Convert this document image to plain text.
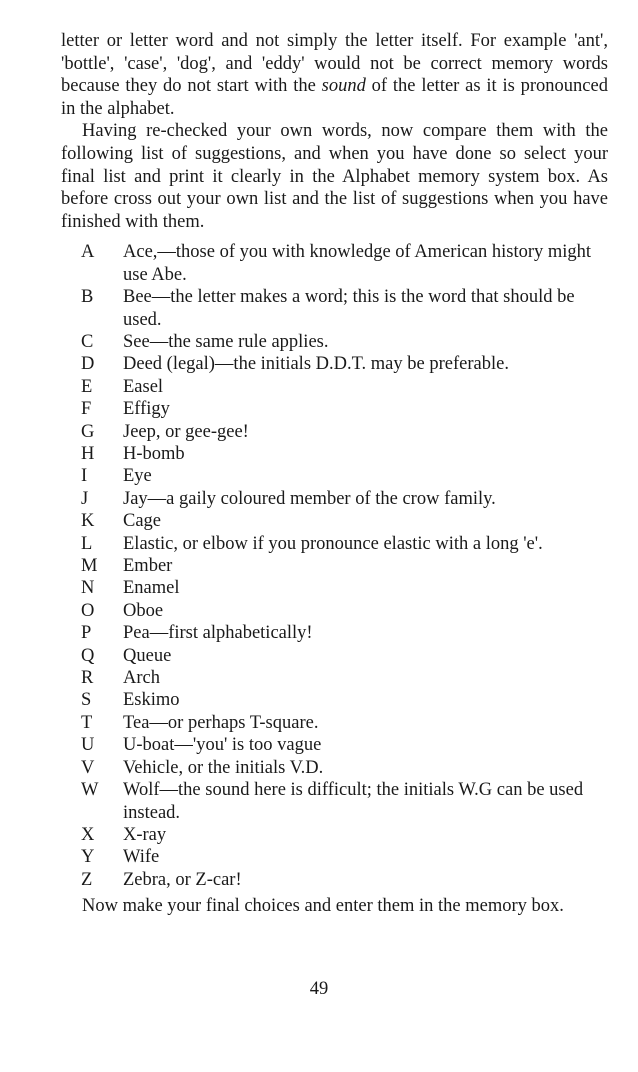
letter or letter word and not simply the letter itself. For example 'ant', 'bottle', 'case', 'dog', and 'eddy' would not be correct memory words because they do not start with the sound of the letter as it is pronounced in the alphabet.

Having re-checked your own words, now compare them with the following list of suggestions, and when you have done so select your final list and print it clearly in the Alphabet memory system box. As before cross out your own list and the list of suggestions when you have finished with them.

A	Ace,—those of you with knowledge of American history might use Abe.
B	Bee—the letter makes a word; this is the word that should be used.
C	See—the same rule applies.
D	Deed (legal)—the initials D.D.T. may be preferable.
E	Easel
F	Effigy
G	Jeep, or gee-gee!
H	H-bomb
I	Eye
J	Jay—a gaily coloured member of the crow family.
K	Cage
L	Elastic, or elbow if you pronounce elastic with a long 'e'.
M	Ember
N	Enamel
O	Oboe
P	Pea—first alphabetically!
Q	Queue
R	Arch
S	Eskimo
T	Tea—or perhaps T-square.
U	U-boat—'you' is too vague
V	Vehicle, or the initials V.D.
W	Wolf—the sound here is difficult; the initials W.G can be used instead.
X	X-ray
Y	Wife
Z	Zebra, or Z-car!

Now make your final choices and enter them in the memory box.

49
